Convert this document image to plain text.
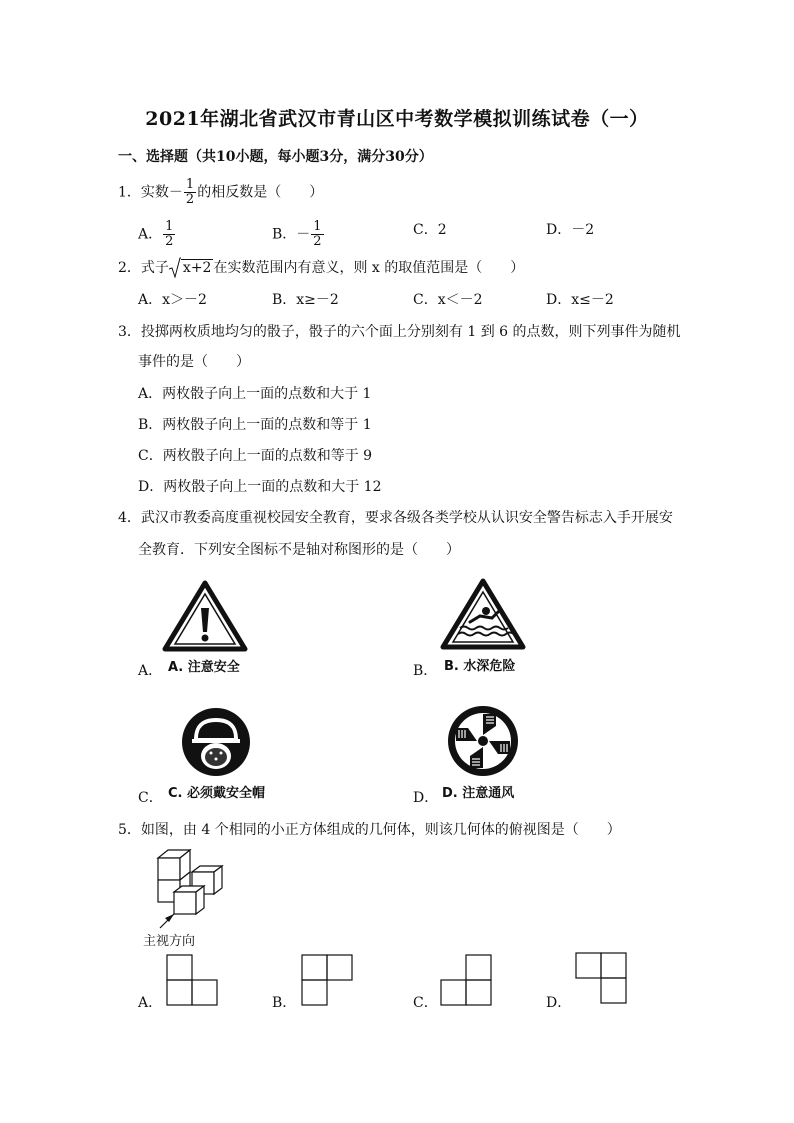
2021年湖北省武汉市青山区中考数学模拟训练试卷（一）
一、选择题（共10小题，每小题3分，满分30分）
1．实数－ $\frac{1}{2}$ 的相反数是（　　）
A． $\frac{1}{2}$	B．－ $\frac{1}{2}$	C．2	D．－2
2．式子 x+2 在实数范围内有意义，则 x 的取值范围是（　　）
A．x＞－2	B．x≥－2	C．x＜－2	D．x≤－2
3．投掷两枚质地均匀的骰子，骰子的六个面上分别刻有 1 到 6 的点数，则下列事件为随机
事件的是（　　）
A．两枚骰子向上一面的点数和大于 1
B．两枚骰子向上一面的点数和等于 1
C．两枚骰子向上一面的点数和等于 9
D．两枚骰子向上一面的点数和大于 12
4．武汉市教委高度重视校园安全教育，要求各级各类学校从认识安全警告标志入手开展安
全教育．下列安全图标不是轴对称图形的是（　　）
A． A. 注意安全	B． B. 水深危险
C． C. 必须戴安全帽	D． D. 注意通风
5．如图，由 4 个相同的小正方体组成的几何体，则该几何体的俯视图是（　　）
主视方向
A．	B．	C．	D．
